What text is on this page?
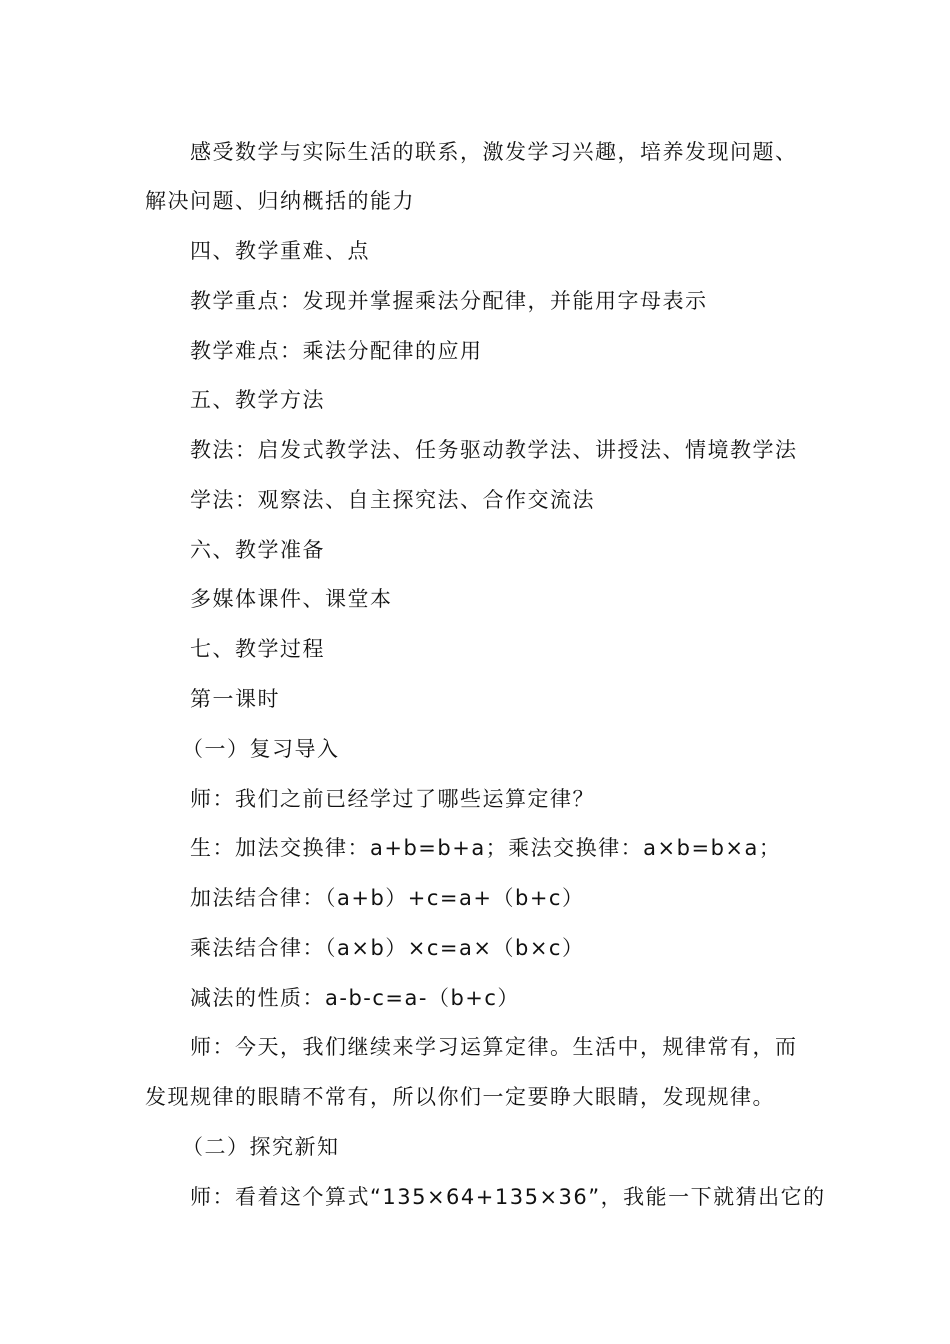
感受数学与实际生活的联系，激发学习兴趣，培养发现问题、
解决问题、归纳概括的能力
四、教学重难、点
教学重点：发现并掌握乘法分配律，并能用字母表示
教学难点：乘法分配律的应用
五、教学方法
教法：启发式教学法、任务驱动教学法、讲授法、情境教学法
学法：观察法、自主探究法、合作交流法
六、教学准备
多媒体课件、课堂本
七、教学过程
第一课时
（一）复习导入
师：我们之前已经学过了哪些运算定律？
生：加法交换律：a+b=b+a；乘法交换律：a×b=b×a；
加法结合律：（a+b）+c=a+（b+c）
乘法结合律：（a×b）×c=a×（b×c）
减法的性质：a-b-c=a-（b+c）
师：今天，我们继续来学习运算定律。生活中，规律常有，而
发现规律的眼睛不常有，所以你们一定要睁大眼睛，发现规律。
（二）探究新知
师：看着这个算式“135×64+135×36”，我能一下就猜出它的
